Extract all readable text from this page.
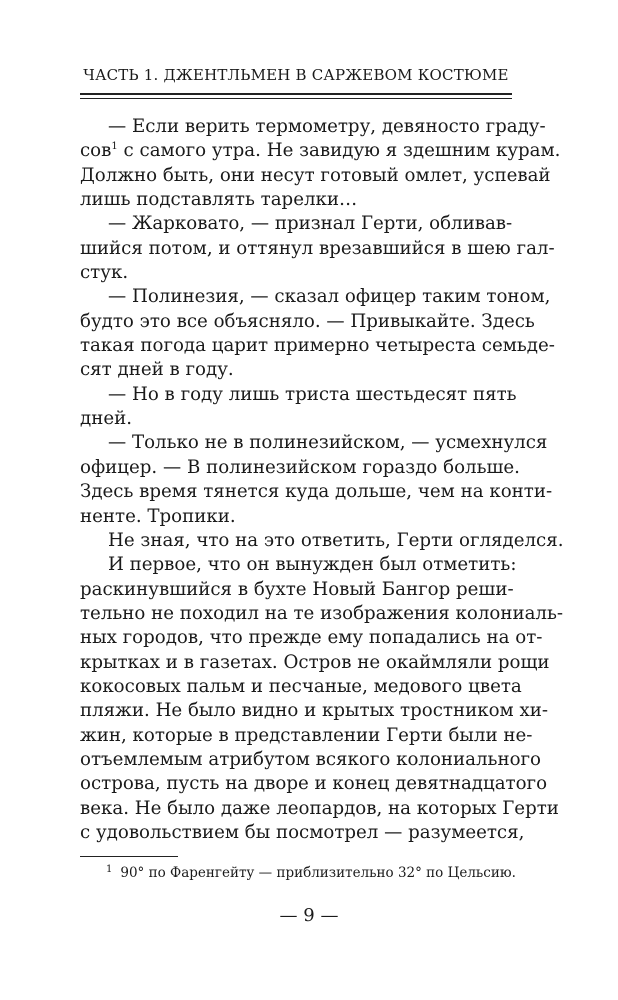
ЧАСТЬ 1. ДЖЕНТЛЬМЕН В САРЖЕВОМ КОСТЮМЕ
— Если верить термометру, девяносто граду-
сов$^1$ с самого утра. Не завидую я здешним курам.
Должно быть, они несут готовый омлет, успевай
лишь подставлять тарелки…
— Жарковато, — признал Герти, обливав-
шийся потом, и оттянул врезавшийся в шею гал-
стук.
— Полинезия, — сказал офицер таким тоном,
будто это все объясняло. — Привыкайте. Здесь
такая погода царит примерно четыреста семьде-
сят дней в году.
— Но в году лишь триста шестьдесят пять
дней.
— Только не в полинезийском, — усмехнулся
офицер. — В полинезийском гораздо больше.
Здесь время тянется куда дольше, чем на конти-
ненте. Тропики.
Не зная, что на это ответить, Герти огляделся.
И первое, что он вынужден был отметить:
раскинувшийся в бухте Новый Бангор реши-
тельно не походил на те изображения колониаль-
ных городов, что прежде ему попадались на от-
крытках и в газетах. Остров не окаймляли рощи
кокосовых пальм и песчаные, медового цвета
пляжи. Не было видно и крытых тростником хи-
жин, которые в представлении Герти были не-
отъемлемым атрибутом всякого колониального
острова, пусть на дворе и конец девятнадцатого
века. Не было даже леопардов, на которых Герти
с удовольствием бы посмотрел — разумеется,
$^1$ 90° по Фаренгейту — приблизительно 32° по Цельсию.
— 9 —
